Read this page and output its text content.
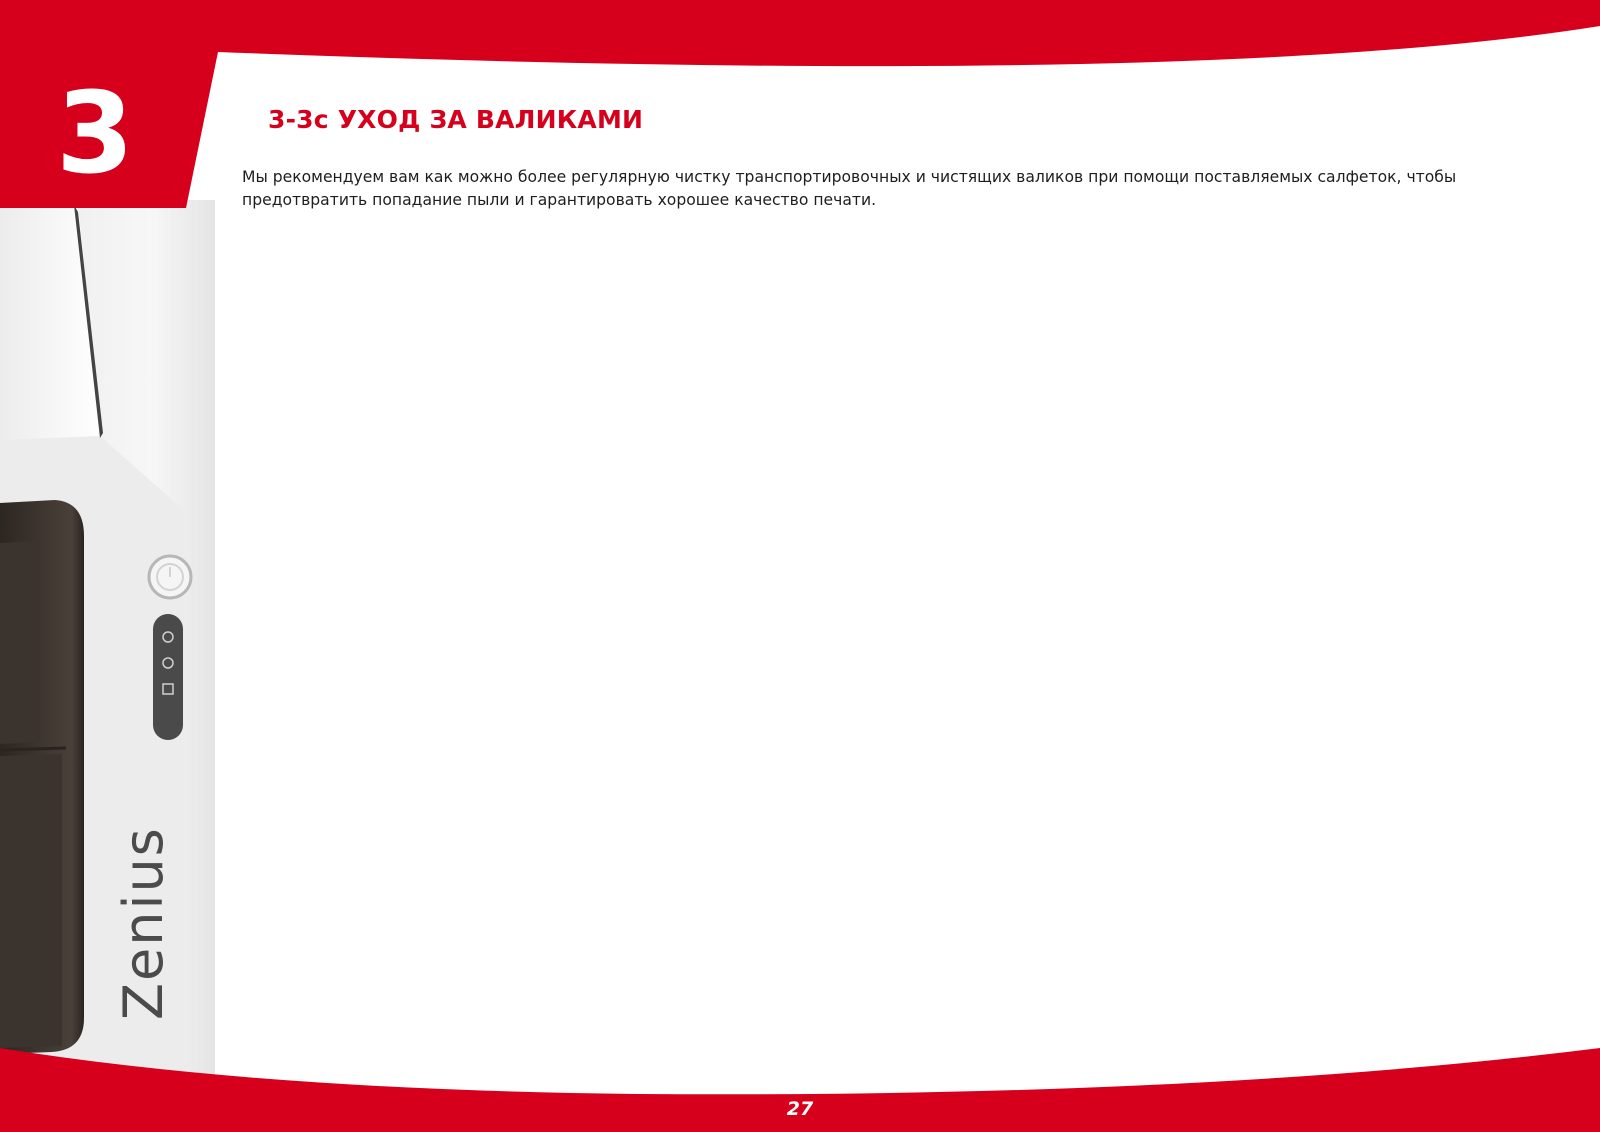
Zenius
3	3-3c УХОД ЗА ВАЛИКАМИ

Мы рекомендуем вам как можно более регулярную чистку транспортировочных и чистящих валиков при помощи поставляемых салфеток, чтобы предотвратить попадание пыли и гарантировать хорошее качество печати.

27
